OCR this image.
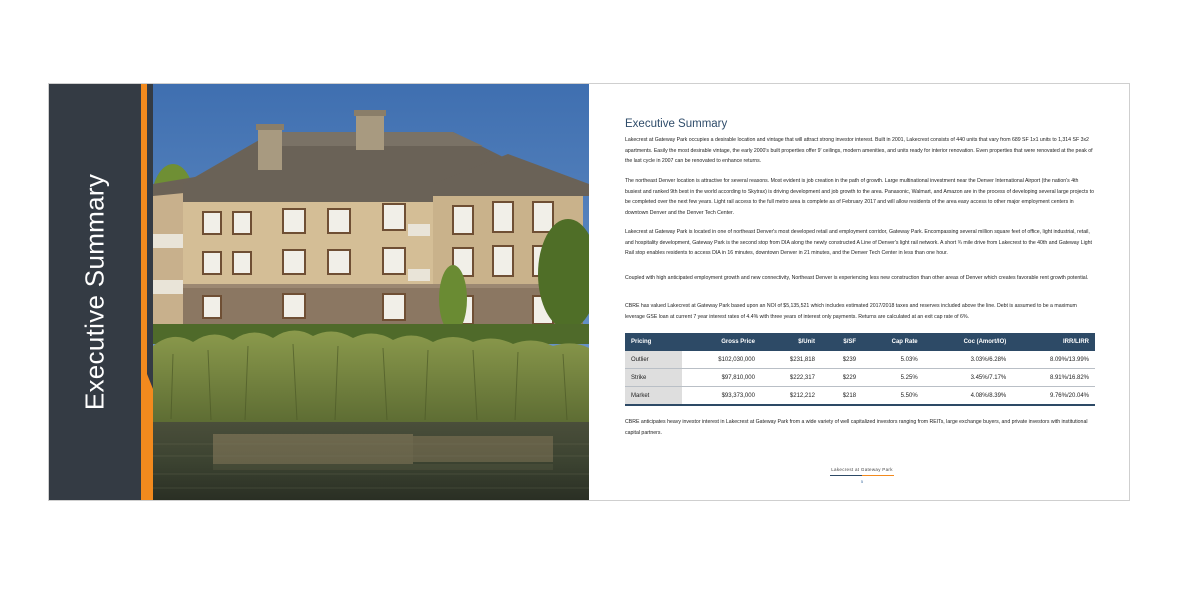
Executive Summary
Executive Summary

Lakecrest at Gateway Park occupies a desirable location and vintage that will attract strong investor interest. Built in 2001, Lakecrest consists of 440 units that vary from 689 SF 1x1 units to 1,314 SF 3x2 apartments. Easily the most desirable vintage, the early 2000's built properties offer 9' ceilings, modern amenities, and units ready for interior renovation. Even properties that were renovated at the peak of the last cycle in 2007 can be renovated to enhance returns.

The northeast Denver location is attractive for several reasons. Most evident is job creation in the path of growth. Large multinational investment near the Denver International Airport (the nation's 4th busiest and ranked 9th best in the world according to Skytrax) is driving development and job growth to the area. Panasonic, Walmart, and Amazon are in the process of developing several large projects to be completed over the next few years. Light rail access to the full metro area is complete as of February 2017 and will allow residents of the area easy access to other major employment centers in downtown Denver and the Denver Tech Center.

Lakecrest at Gateway Park is located in one of northeast Denver's most developed retail and employment corridor, Gateway Park. Encompassing several million square feet of office, light industrial, retail, and hospitality development, Gateway Park is the second stop from DIA along the newly constructed A Line of Denver's light rail network. A short ¾ mile drive from Lakecrest to the 40th and Gateway Light Rail stop enables residents to access DIA in 16 minutes, downtown Denver in 21 minutes, and the Denver Tech Center in less than one hour.

Coupled with high anticipated employment growth and new connectivity, Northeast Denver is experiencing less new construction than other areas of Denver which creates favorable rent growth potential.

CBRE has valued Lakecrest at Gateway Park based upon an NOI of $5,135,521 which includes estimated 2017/2018 taxes and reserves included above the line. Debt is assumed to be a maximum leverage GSE loan at current 7 year interest rates of 4.4% with three years of interest only payments. Returns are calculated at an exit cap rate of 6%.

Pricing	Gross Price	$/Unit	$/SF	Cap Rate	Coc (Amort/IO)	IRR/LIRR
Outlier	$102,030,000	$231,818	$239	5.03%	3.03%/6.28%	8.09%/13.99%
Strike	$97,810,000	$222,317	$229	5.25%	3.45%/7.17%	8.91%/16.82%
Market	$93,373,000	$212,212	$218	5.50%	4.08%/8.39%	9.76%/20.04%

CBRE anticipates heavy investor interest in Lakecrest at Gateway Park from a wide variety of well capitalized investors ranging from REITs, large exchange buyers, and private investors with institutional capital partners.

Lakecrest at Gateway Park
5
